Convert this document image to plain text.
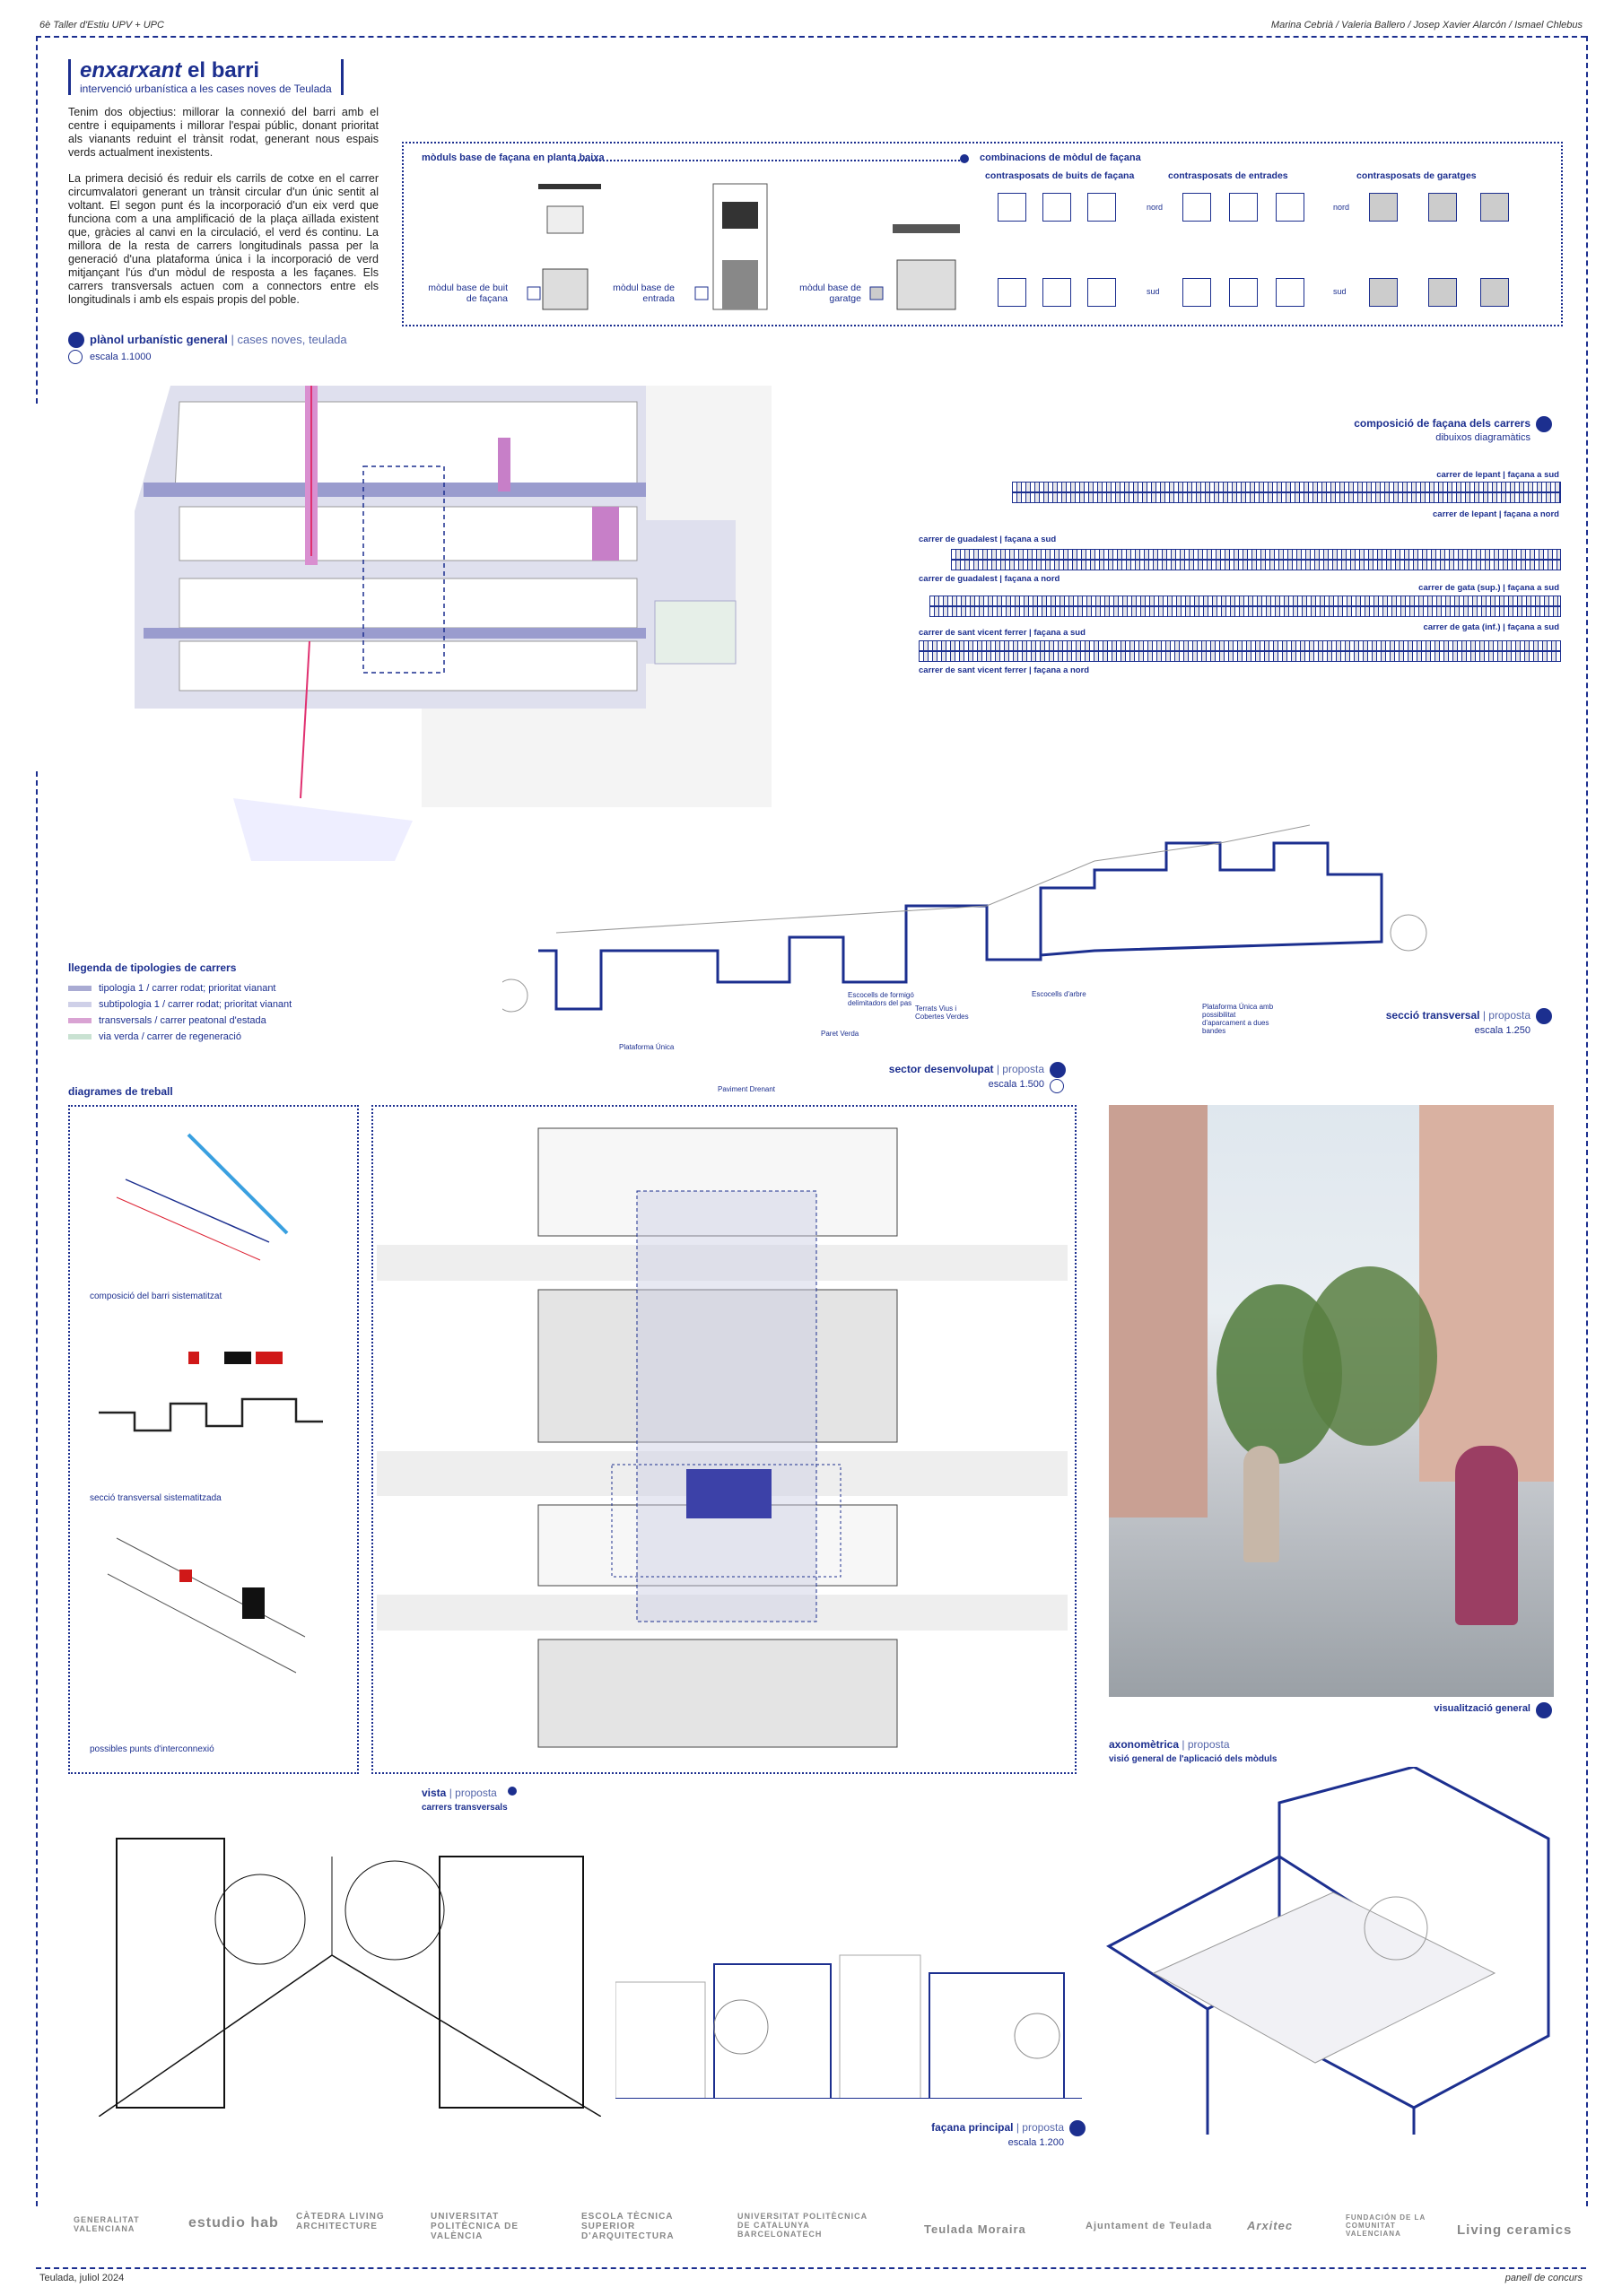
6è Taller d'Estiu UPV + UPC	Marina Cebrià / Valeria Ballero / Josep Xavier Alarcón / Ismael Chlebus
enxarxant el barri
intervenció urbanística a les cases noves de Teulada

Tenim dos objectius: millorar la connexió del barri amb el centre i equipaments i millorar l'espai públic, donant prioritat als vianants reduint el trànsit rodat, generant nous espais verds actualment inexistents.

La primera decisió és reduir els carrils de cotxe en el carrer circumvalatori generant un trànsit circular d'un únic sentit al voltant. El segon punt és la incorporació d'un eix verd que funciona com a una amplificació de la plaça aïllada existent que, gràcies al canvi en la circulació, el verd és continu. La millora de la resta de carrers longitudinals passa per la generació d'una plataforma única i la incorporació de verd mitjançant l'ús d'un mòdul de resposta a les façanes. Els carrers transversals actuen com a connectors entre els longitudinals i amb els espais propis del poble.

plànol urbanístic general | cases noves, teulada
escala 1.1000
mòduls base de façana en planta baixa	combinacions de mòdul de façana
mòdul base de buit de façana
mòdul base de entrada
mòdul base de garatge
contrasposats de buits de façana	contrasposats de entrades	contrasposats de garatges
nord
sud
nord
sud
composició de façana dels carrers
dibuixos diagramàtics
carrer de lepant | façana a sud
carrer de lepant | façana a nord
carrer de guadalest | façana a sud
carrer de guadalest | façana a nord
carrer de gata (sup.) | façana a sud
carrer de gata (inf.) | façana a sud
carrer de sant vicent ferrer | façana a sud
carrer de sant vicent ferrer | façana a nord
Plataforma Única
Paviment Drenant
Paret Verda
Escocells de formigó delimitadors del pas
Terrats Vius i Cobertes Verdes
Escocells d'arbre
Plataforma Única amb possibilitat d'aparcament a dues bandes
secció transversal | proposta
escala 1.250
llegenda de tipologies de carrers
tipologia 1 / carrer rodat; prioritat vianant
subtipologia 1 / carrer rodat; prioritat vianant
transversals / carrer peatonal d'estada
via verda / carrer de regeneració
sector desenvolupat | proposta
escala 1.500
diagrames de treball
composició del barri sistematitzat
secció transversal sistematitzada
possibles punts d'interconnexió
visualització general
vista | proposta
carrers transversals
axonomètrica | proposta
visió general de l'aplicació dels mòduls
façana principal | proposta
escala 1.200
GENERALITAT VALENCIANA	estudio hab CÀTEDRA LIVING ARCHITECTURE
UNIVERSITAT POLITÈCNICA DE VALÈNCIA
ESCOLA TÈCNICA SUPERIOR D'ARQUITECTURA
UNIVERSITAT POLITÈCNICA DE CATALUNYA BARCELONATECH	Teulada Moraira	Ajuntament de Teulada	Arxitec
FUNDACIÓN DE LA COMUNITAT VALENCIANA	Living ceramics
Teulada, juliol 2024	panell de concurs
